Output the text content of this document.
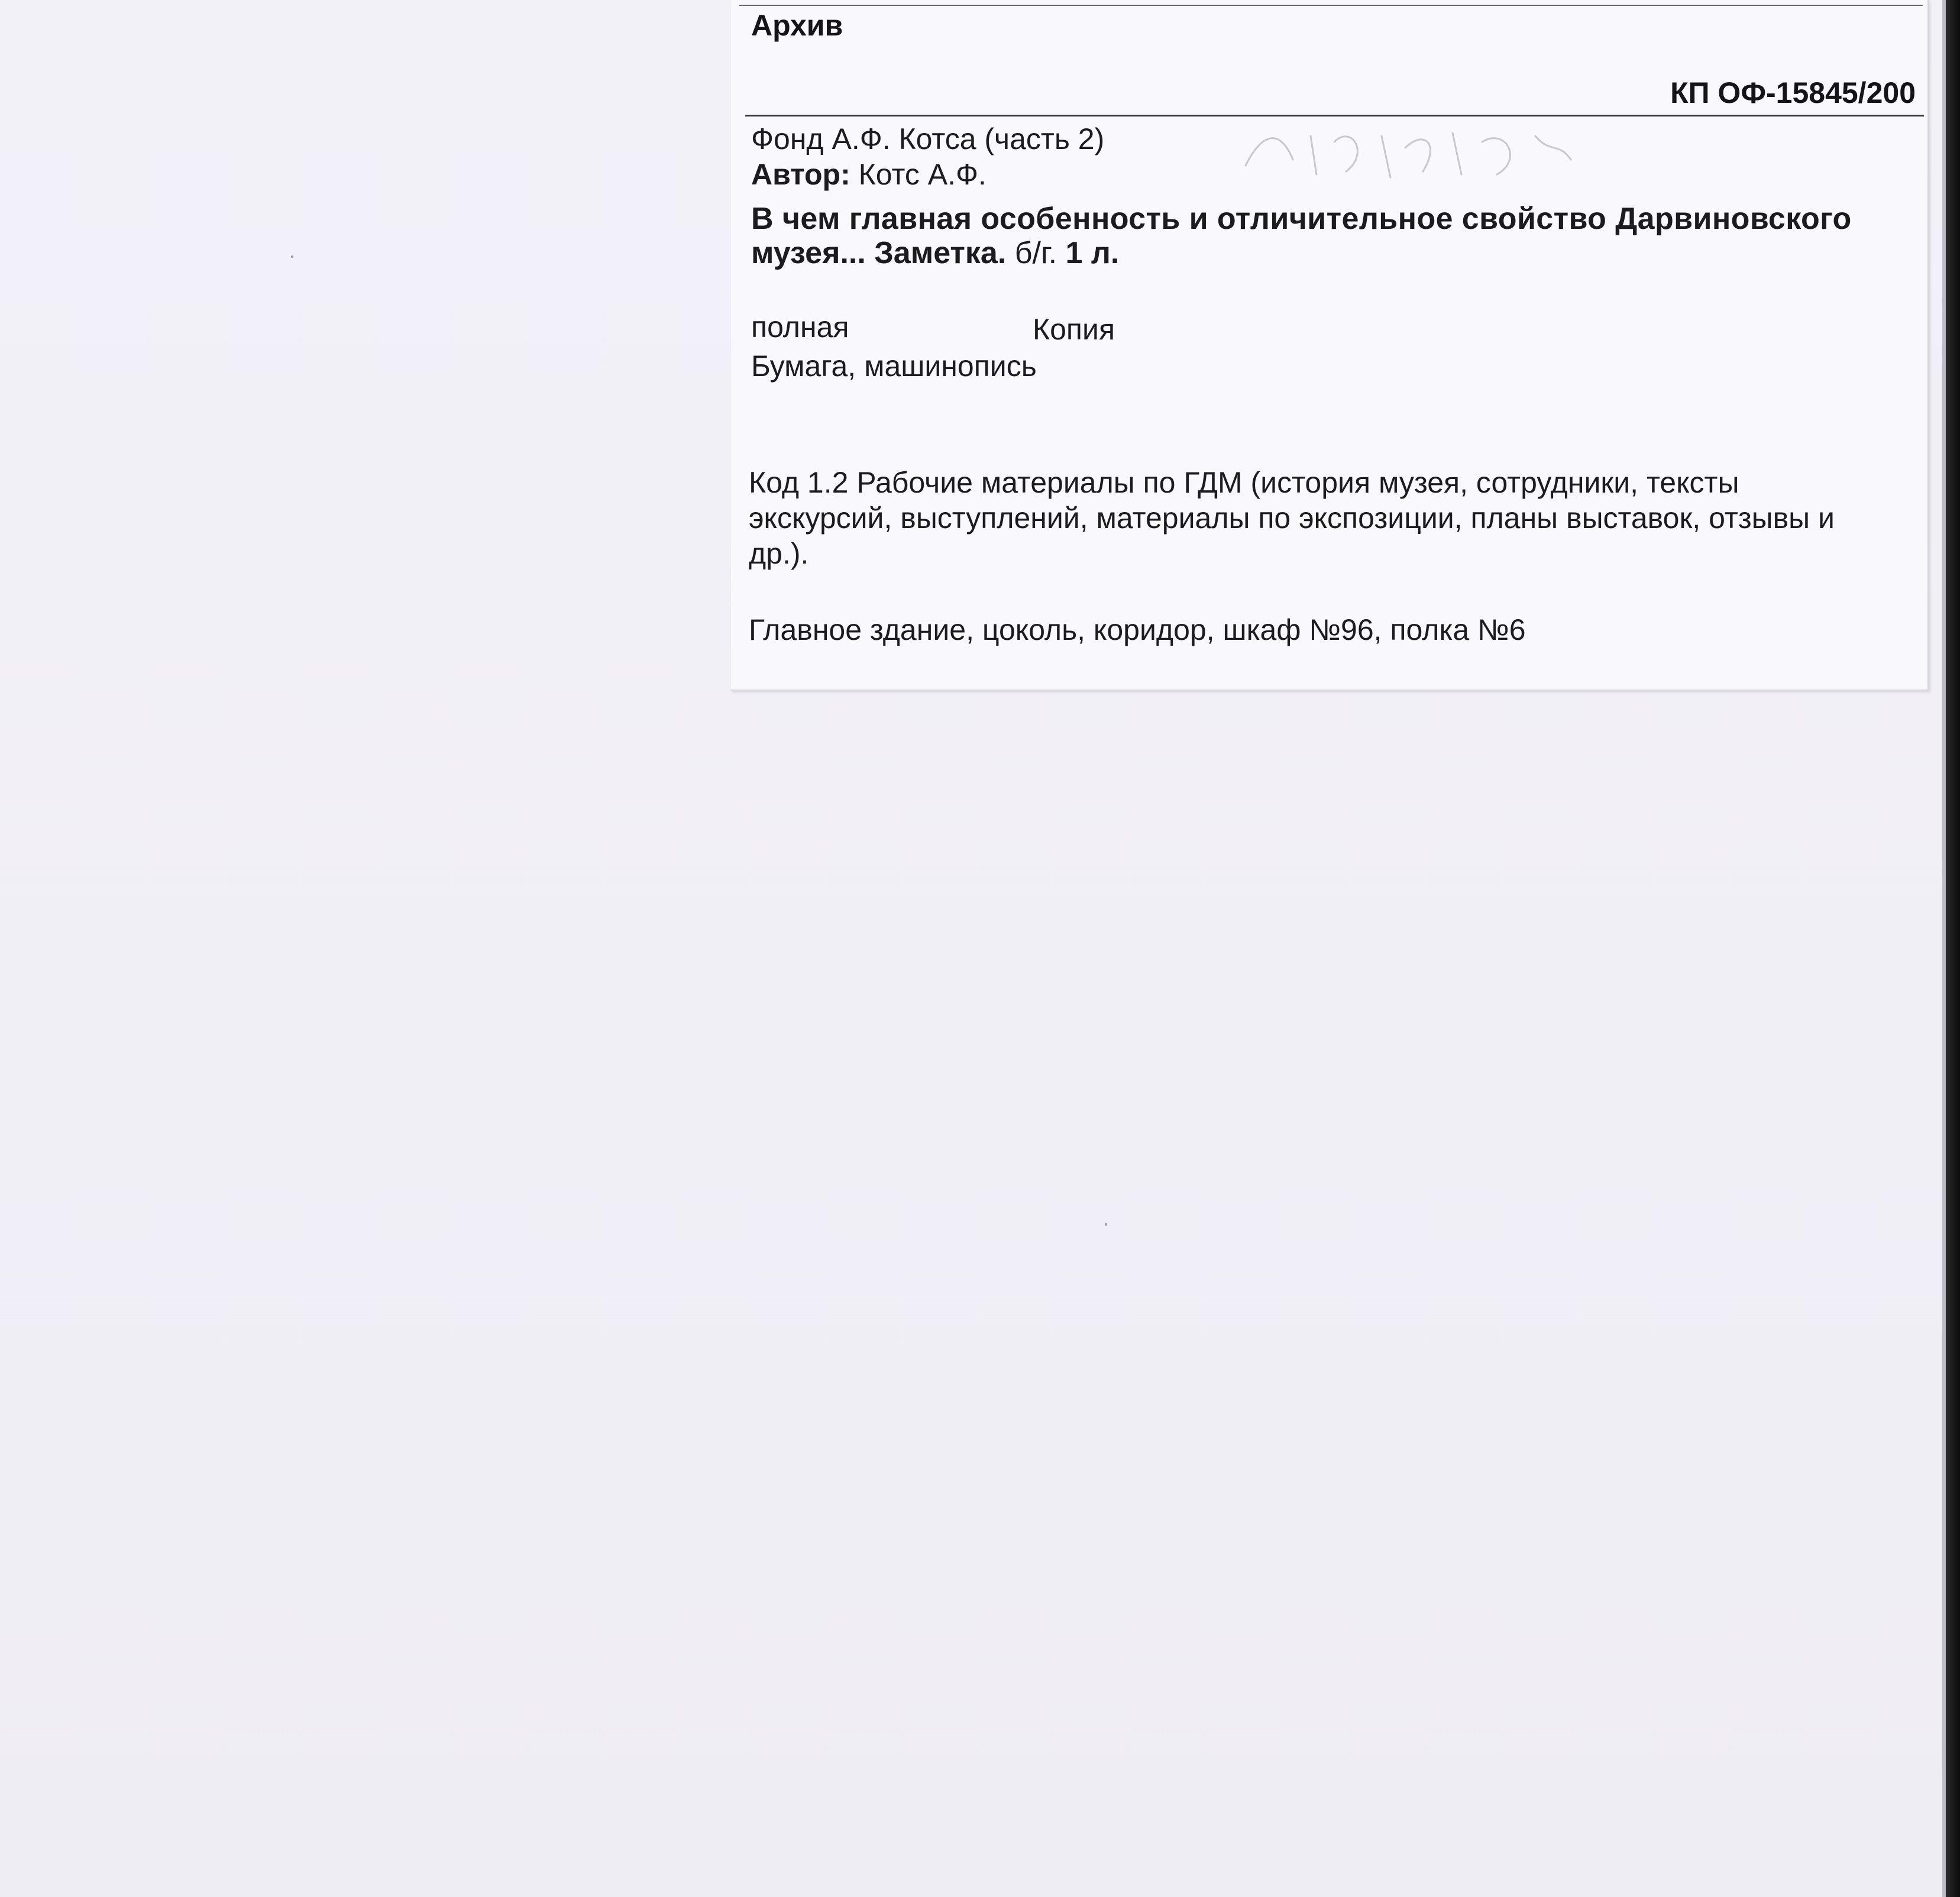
Архив
КП ОФ-15845/200
Фонд А.Ф. Котса (часть 2)
Автор: Котс А.Ф.
В чем главная особенность и отличительное свойство Дарвиновского
музея... Заметка. б/г. 1 л.
полная	Копия
Бумага, машинопись
Код 1.2 Рабочие материалы по ГДМ (история музея, сотрудники, тексты экскурсий, выступлений, материалы по экспозиции, планы выставок, отзывы и др.).
Главное здание, цоколь, коридор, шкаф №96, полка №6
